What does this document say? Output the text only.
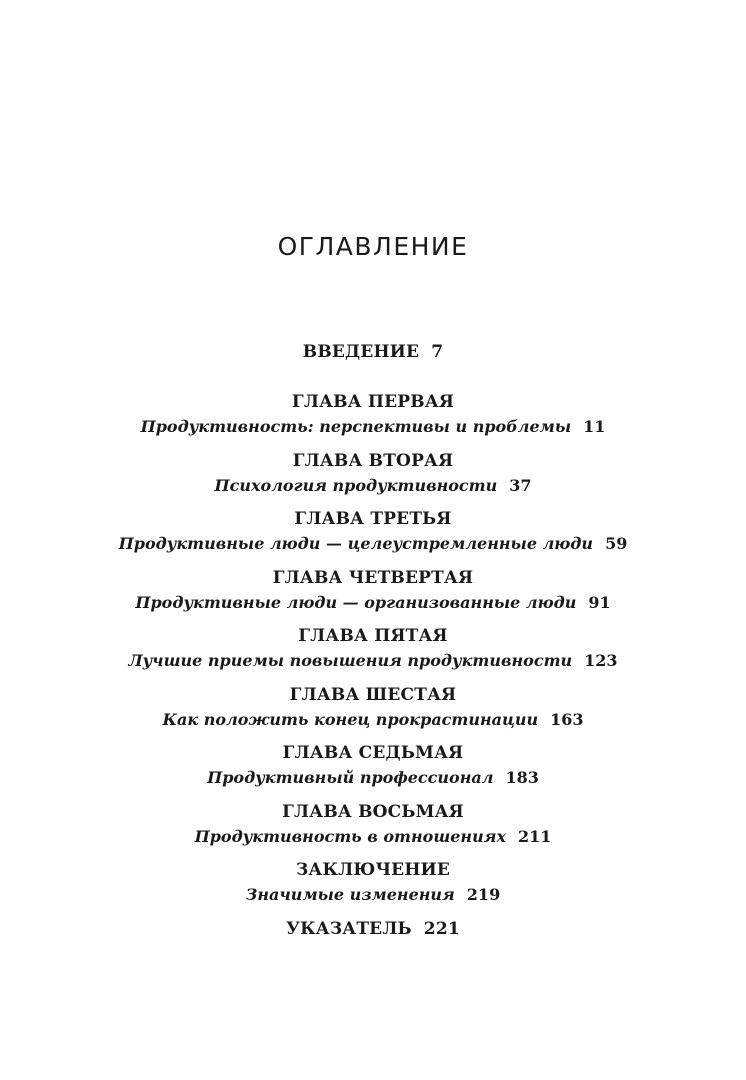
ОГЛАВЛЕНИЕ
ВВЕДЕНИЕ 7
ГЛАВА ПЕРВАЯ
Продуктивность: перспективы и проблемы 11
ГЛАВА ВТОРАЯ
Психология продуктивности 37
ГЛАВА ТРЕТЬЯ
Продуктивные люди — целеустремленные люди 59
ГЛАВА ЧЕТВЕРТАЯ
Продуктивные люди — организованные люди 91
ГЛАВА ПЯТАЯ
Лучшие приемы повышения продуктивности 123
ГЛАВА ШЕСТАЯ
Как положить конец прокрастинации 163
ГЛАВА СЕДЬМАЯ
Продуктивный профессионал 183
ГЛАВА ВОСЬМАЯ
Продуктивность в отношениях 211
ЗАКЛЮЧЕНИЕ
Значимые изменения 219
УКАЗАТЕЛЬ 221
